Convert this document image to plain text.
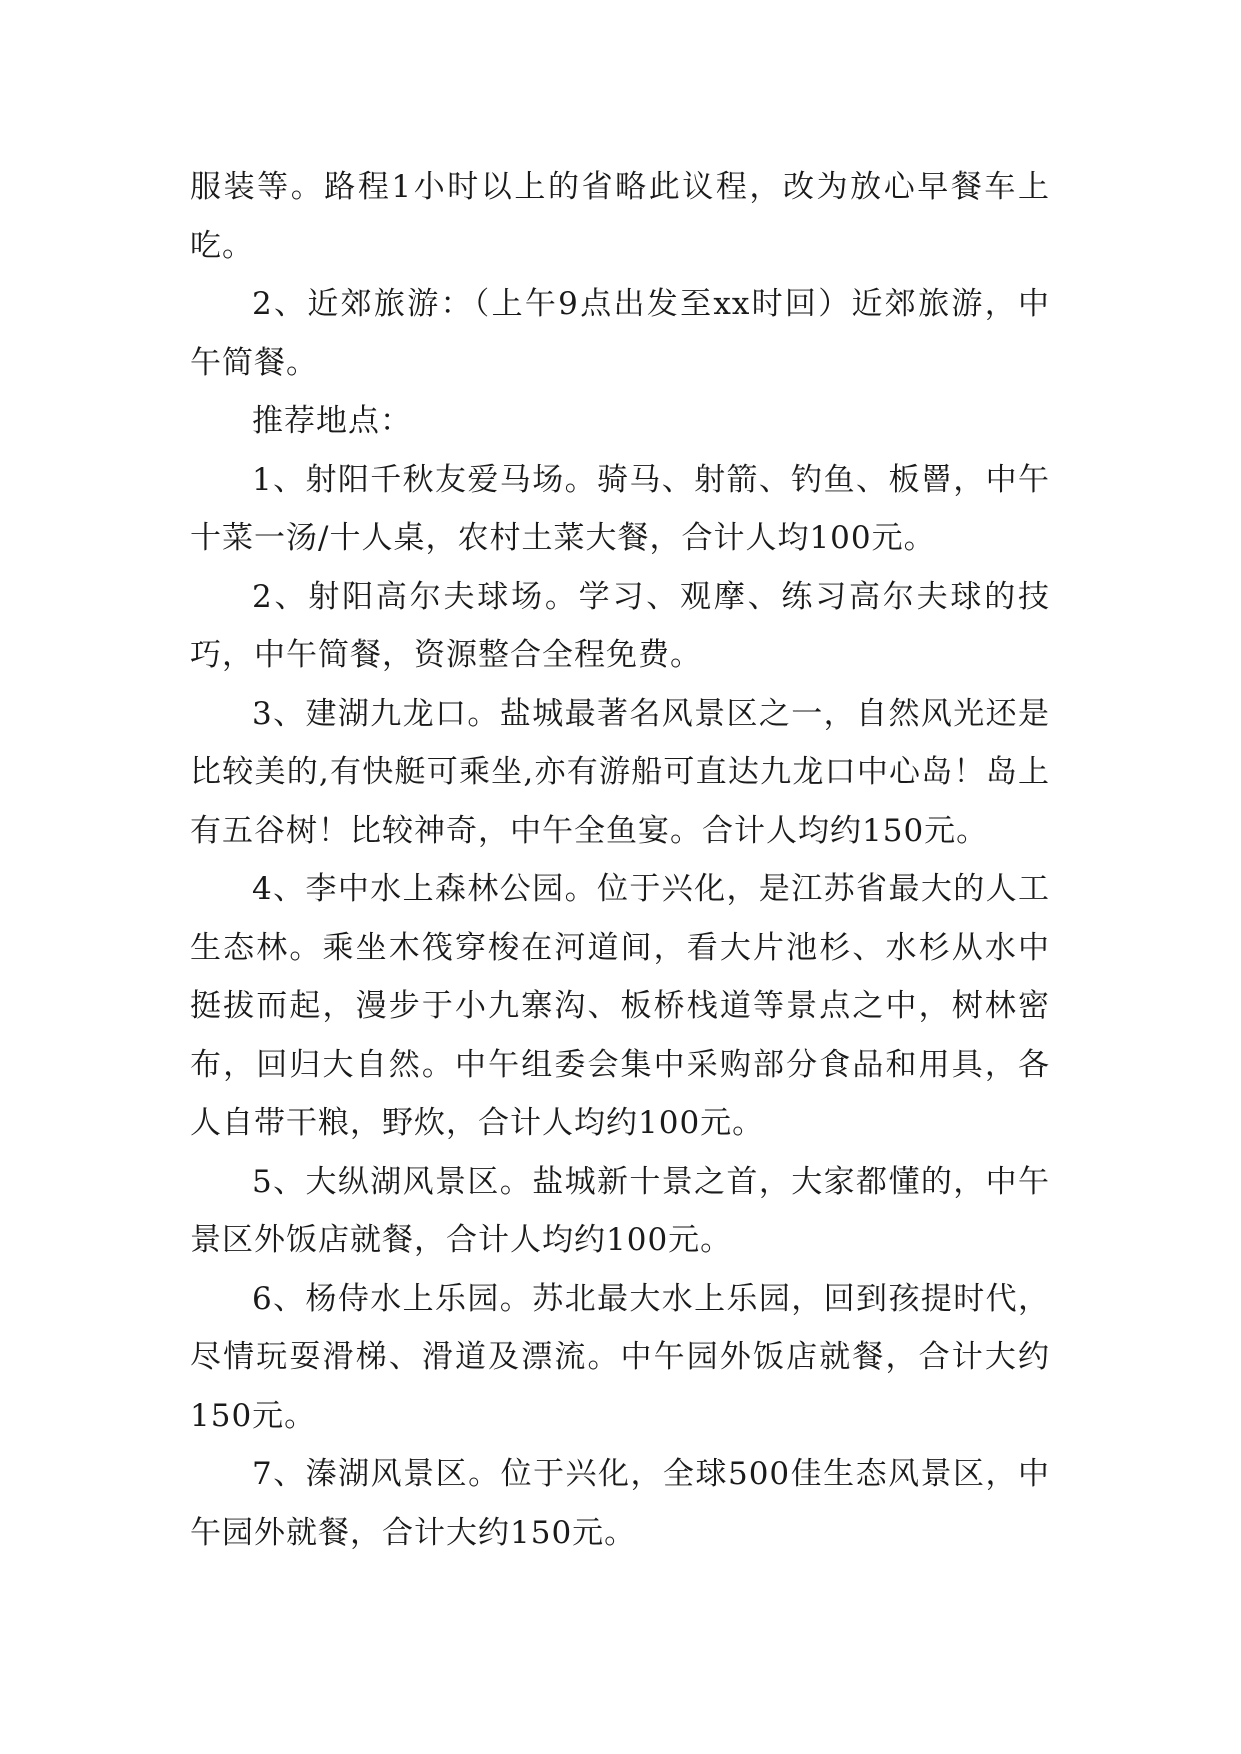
服装等。路程1小时以上的省略此议程，改为放心早餐车上吃。

2、近郊旅游：（上午9点出发至xx时回）近郊旅游，中午简餐。

推荐地点：

1、射阳千秋友爱马场。骑马、射箭、钓鱼、板罾，中午十菜一汤/十人桌，农村土菜大餐，合计人均100元。

2、射阳高尔夫球场。学习、观摩、练习高尔夫球的技巧，中午简餐，资源整合全程免费。

3、建湖九龙口。盐城最著名风景区之一，自然风光还是比较美的,有快艇可乘坐,亦有游船可直达九龙口中心岛！岛上有五谷树！比较神奇，中午全鱼宴。合计人均约150元。

4、李中水上森林公园。位于兴化，是江苏省最大的人工生态林。乘坐木筏穿梭在河道间，看大片池杉、水杉从水中挺拔而起，漫步于小九寨沟、板桥栈道等景点之中，树林密布，回归大自然。中午组委会集中采购部分食品和用具，各人自带干粮，野炊，合计人均约100元。

5、大纵湖风景区。盐城新十景之首，大家都懂的，中午景区外饭店就餐，合计人均约100元。

6、杨侍水上乐园。苏北最大水上乐园，回到孩提时代，尽情玩耍滑梯、滑道及漂流。中午园外饭店就餐，合计大约150元。

7、溱湖风景区。位于兴化，全球500佳生态风景区，中午园外就餐，合计大约150元。
